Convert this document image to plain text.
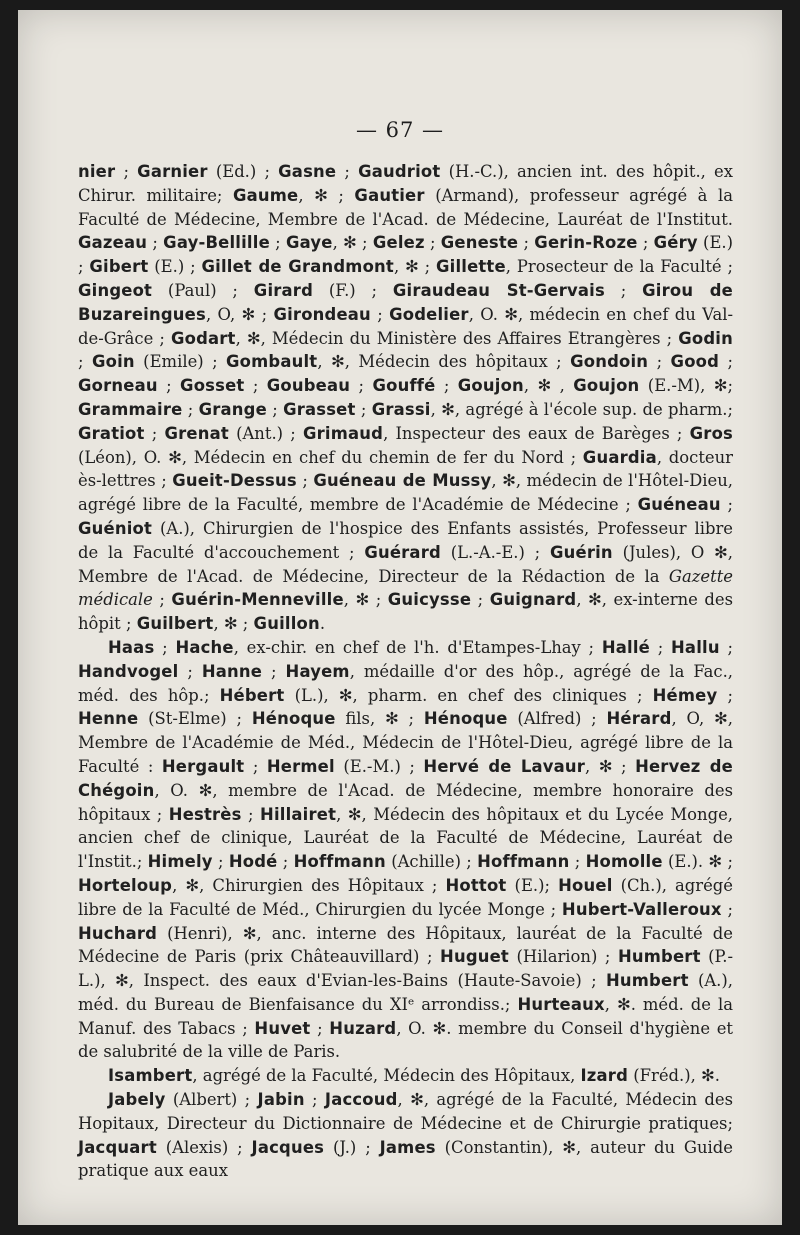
— 67 —

nier ; Garnier (Ed.) ; Gasne ; Gaudriot (H.-C.), ancien int. des hôpit., ex Chirur. militaire; Gaume, ✻ ; Gautier (Armand), professeur agrégé à la Faculté de Médecine, Membre de l'Acad. de Médecine, Lauréat de l'Institut. Gazeau ; Gay-Bellille ; Gaye, ✻ ; Gelez ; Geneste ; Gerin-Roze ; Géry (E.) ; Gibert (E.) ; Gillet de Grandmont, ✻ ; Gillette, Prosecteur de la Faculté ; Gingeot (Paul) ; Girard (F.) ; Giraudeau St-Gervais ; Girou de Buzareingues, O, ✻ ; Girondeau ; Godelier, O. ✻, médecin en chef du Val-de-Grâce ; Godart, ✻, Médecin du Ministère des Affaires Etrangères ; Godin ; Goin (Emile) ; Gombault, ✻, Médecin des hôpitaux ; Gondoin ; Good ; Gorneau ; Gosset ; Goubeau ; Gouffé ; Goujon, ✻ , Goujon (E.-M), ✻; Grammaire ; Grange ; Grasset ; Grassi, ✻, agrégé à l'école sup. de pharm.; Gratiot ; Grenat (Ant.) ; Grimaud, Inspecteur des eaux de Barèges ; Gros (Léon), O. ✻, Médecin en chef du chemin de fer du Nord ; Guardia, docteur ès-lettres ; Gueit-Dessus ; Guéneau de Mussy, ✻, médecin de l'Hôtel-Dieu, agrégé libre de la Faculté, membre de l'Académie de Médecine ; Guéneau ; Guéniot (A.), Chirurgien de l'hospice des Enfants assistés, Professeur libre de la Faculté d'accouchement ; Guérard (L.-A.-E.) ; Guérin (Jules), O ✻, Membre de l'Acad. de Médecine, Directeur de la Rédaction de la Gazette médicale ; Guérin-Menneville, ✻ ; Guicysse ; Guignard, ✻, ex-interne des hôpit ; Guilbert, ✻ ; Guillon.

Haas ; Hache, ex-chir. en chef de l'h. d'Etampes-Lhay ; Hallé ; Hallu ; Handvogel ; Hanne ; Hayem, médaille d'or des hôp., agrégé de la Fac., méd. des hôp.; Hébert (L.), ✻, pharm. en chef des cliniques ; Hémey ; Henne (St-Elme) ; Hénoque fils, ✻ ; Hénoque (Alfred) ; Hérard, O, ✻, Membre de l'Académie de Méd., Médecin de l'Hôtel-Dieu, agrégé libre de la Faculté : Hergault ; Hermel (E.-M.) ; Hervé de Lavaur, ✻ ; Hervez de Chégoin, O. ✻, membre de l'Acad. de Médecine, membre honoraire des hôpitaux ; Hestrès ; Hillairet, ✻, Médecin des hôpitaux et du Lycée Monge, ancien chef de clinique, Lauréat de la Faculté de Médecine, Lauréat de l'Instit.; Himely ; Hodé ; Hoffmann (Achille) ; Hoffmann ; Homolle (E.). ✻ ; Horteloup, ✻, Chirurgien des Hôpitaux ; Hottot (E.); Houel (Ch.), agrégé libre de la Faculté de Méd., Chirurgien du lycée Monge ; Hubert-Valleroux ; Huchard (Henri), ✻, anc. interne des Hôpitaux, lauréat de la Faculté de Médecine de Paris (prix Châteauvillard) ; Huguet (Hilarion) ; Humbert (P.-L.), ✻, Inspect. des eaux d'Evian-les-Bains (Haute-Savoie) ; Humbert (A.), méd. du Bureau de Bienfaisance du XIᵉ arrondiss.; Hurteaux, ✻. méd. de la Manuf. des Tabacs ; Huvet ; Huzard, O. ✻. membre du Conseil d'hygiène et de salubrité de la ville de Paris.

Isambert, agrégé de la Faculté, Médecin des Hôpitaux, Izard (Fréd.), ✻.

Jabely (Albert) ; Jabin ; Jaccoud, ✻, agrégé de la Faculté, Médecin des Hopitaux, Directeur du Dictionnaire de Médecine et de Chirurgie pratiques; Jacquart (Alexis) ; Jacques (J.) ; James (Constantin), ✻, auteur du Guide pratique aux eaux
